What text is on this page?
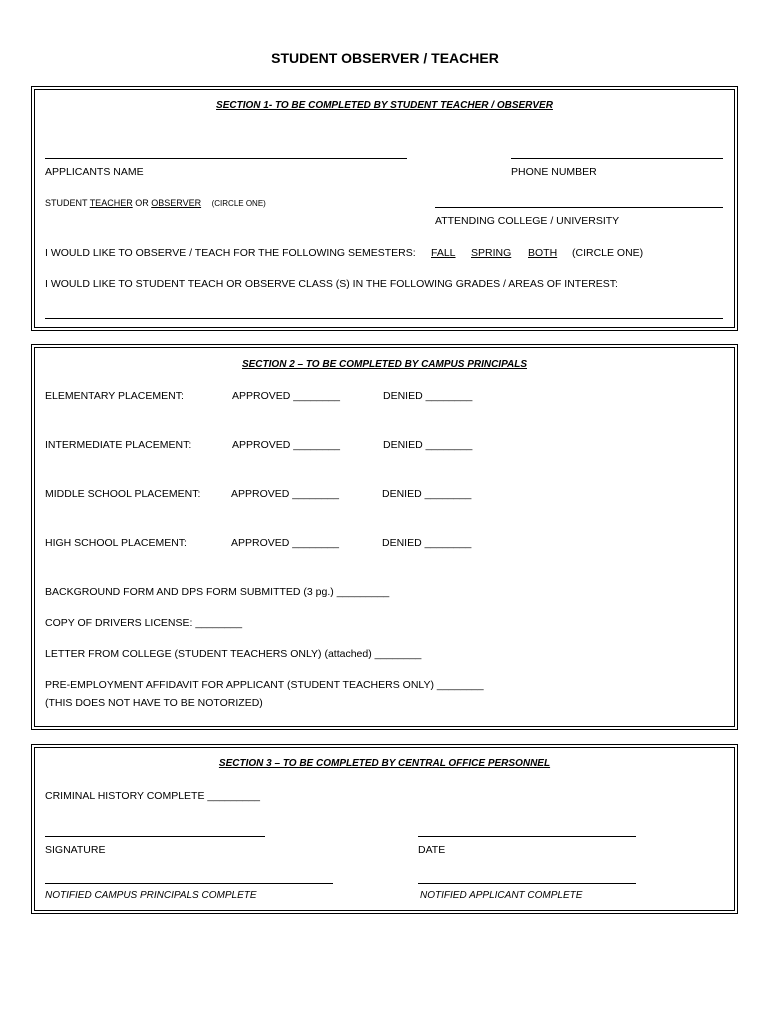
STUDENT OBSERVER / TEACHER
SECTION 1- TO BE COMPLETED BY STUDENT TEACHER / OBSERVER
APPLICANTS NAME	PHONE NUMBER
STUDENT TEACHER OR OBSERVER (CIRCLE ONE)
ATTENDING COLLEGE / UNIVERSITY
I WOULD LIKE TO OBSERVE / TEACH FOR THE FOLLOWING SEMESTERS: FALL SPRING BOTH (CIRCLE ONE)
I WOULD LIKE TO STUDENT TEACH OR OBSERVE CLASS (S) IN THE FOLLOWING GRADES / AREAS OF INTEREST:
SECTION 2 – TO BE COMPLETED BY CAMPUS PRINCIPALS
ELEMENTARY PLACEMENT:	APPROVED ________	DENIED ________
INTERMEDIATE PLACEMENT:	APPROVED ________	DENIED ________
MIDDLE SCHOOL PLACEMENT:	APPROVED ________	DENIED ________
HIGH SCHOOL PLACEMENT:	APPROVED ________	DENIED ________
BACKGROUND FORM AND DPS FORM SUBMITTED (3 pg.) _________
COPY OF DRIVERS LICENSE: ________
LETTER FROM COLLEGE (STUDENT TEACHERS ONLY) (attached) ________
PRE-EMPLOYMENT AFFIDAVIT FOR APPLICANT (STUDENT TEACHERS ONLY) ________
(THIS DOES NOT HAVE TO BE NOTORIZED)
SECTION 3 – TO BE COMPLETED BY CENTRAL OFFICE PERSONNEL
CRIMINAL HISTORY COMPLETE _________
SIGNATURE	DATE
NOTIFIED CAMPUS PRINCIPALS COMPLETE	NOTIFIED APPLICANT COMPLETE
